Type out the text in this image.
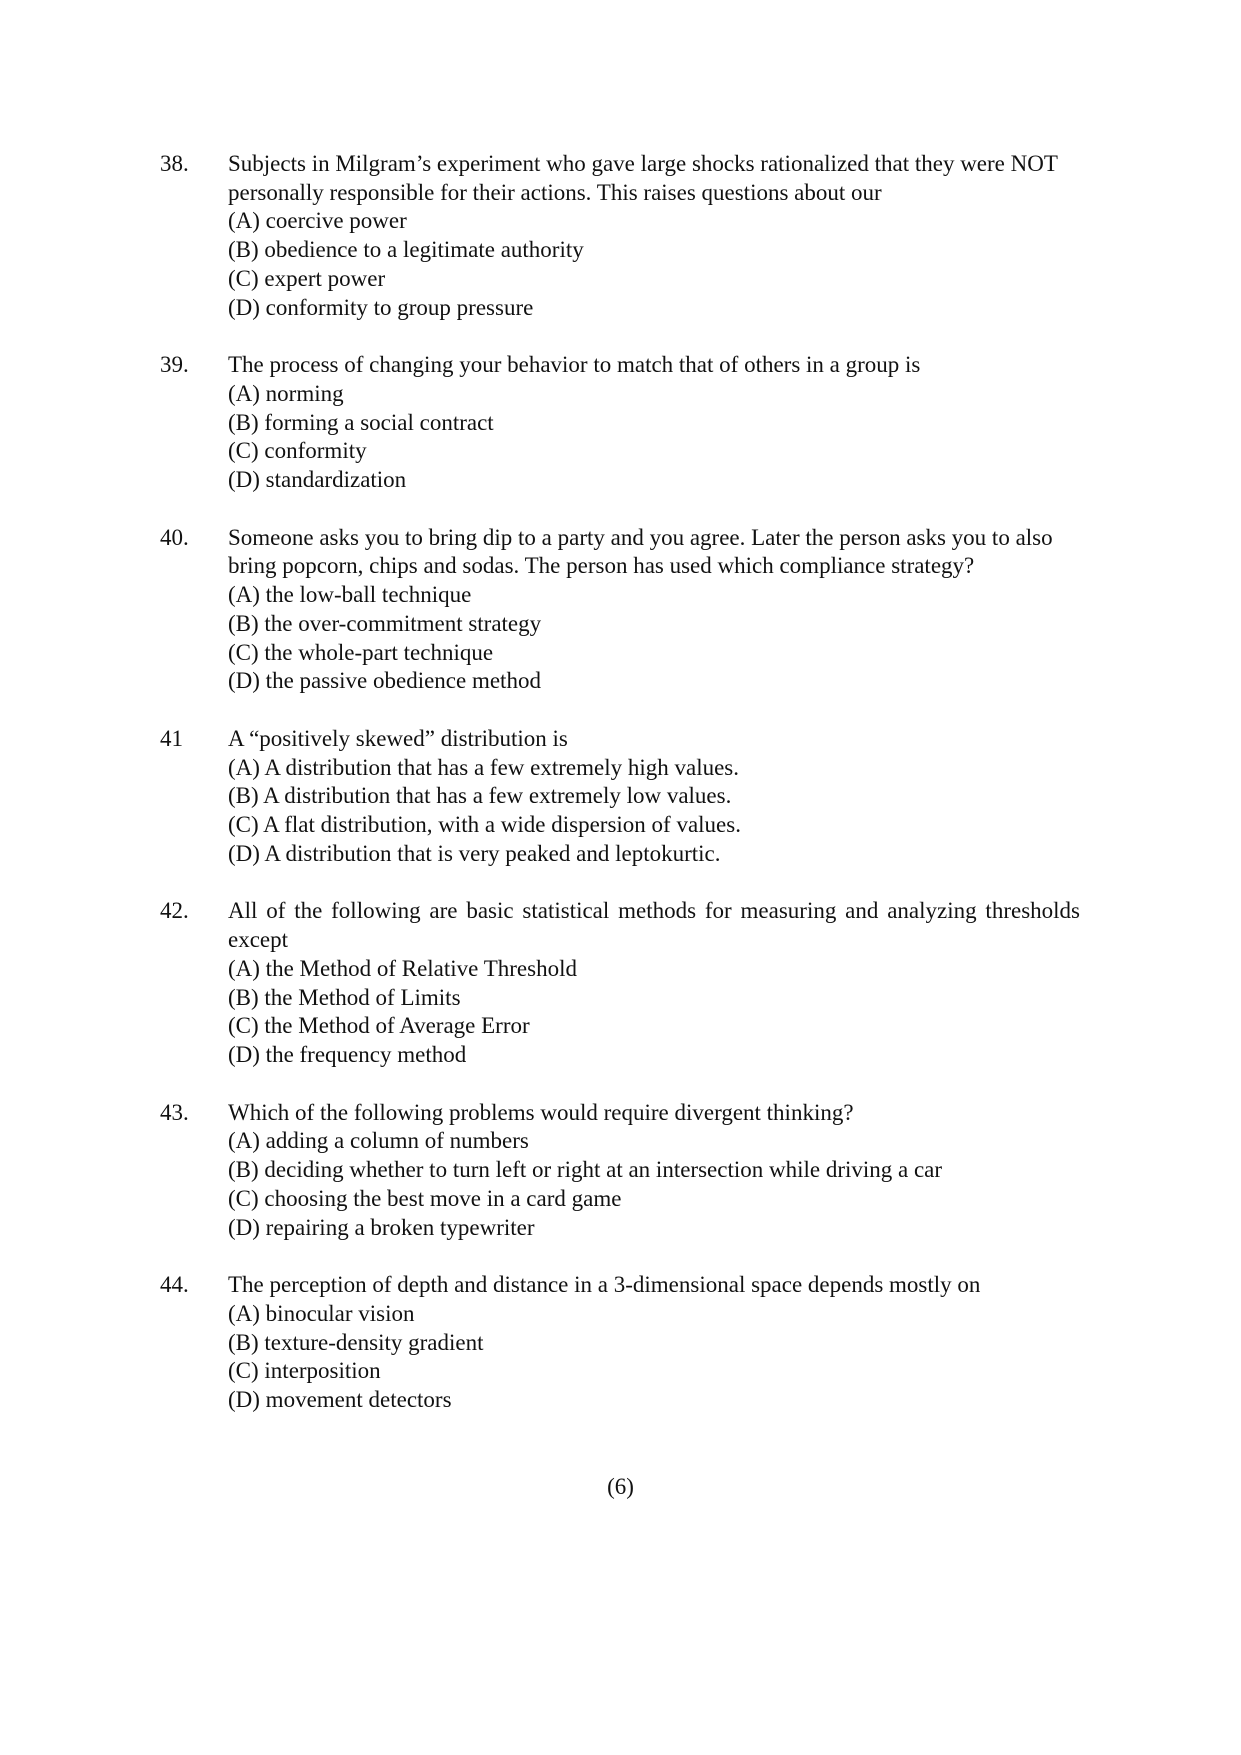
38.	Subjects in Milgram’s experiment who gave large shocks rationalized that they were NOT personally responsible for their actions. This raises questions about our

(A) coercive power
(B) obedience to a legitimate authority
(C) expert power
(D) conformity to group pressure
39.	The process of changing your behavior to match that of others in a group is

(A) norming
(B) forming a social contract
(C) conformity
(D) standardization
40.	Someone asks you to bring dip to a party and you agree. Later the person asks you to also bring popcorn, chips and sodas. The person has used which compliance strategy?

(A) the low-ball technique
(B) the over-commitment strategy
(C) the whole-part technique
(D) the passive obedience method
41	A “positively skewed” distribution is

(A) A distribution that has a few extremely high values.
(B) A distribution that has a few extremely low values.
(C) A flat distribution, with a wide dispersion of values.
(D) A distribution that is very peaked and leptokurtic.
42.	All of the following are basic statistical methods for measuring and analyzing thresholds except

(A) the Method of Relative Threshold
(B) the Method of Limits
(C) the Method of Average Error
(D) the frequency method
43.	Which of the following problems would require divergent thinking?

(A) adding a column of numbers
(B) deciding whether to turn left or right at an intersection while driving a car
(C) choosing the best move in a card game
(D) repairing a broken typewriter
44.	The perception of depth and distance in a 3-dimensional space depends mostly on

(A) binocular vision
(B) texture-density gradient
(C) interposition
(D) movement detectors
(6)
